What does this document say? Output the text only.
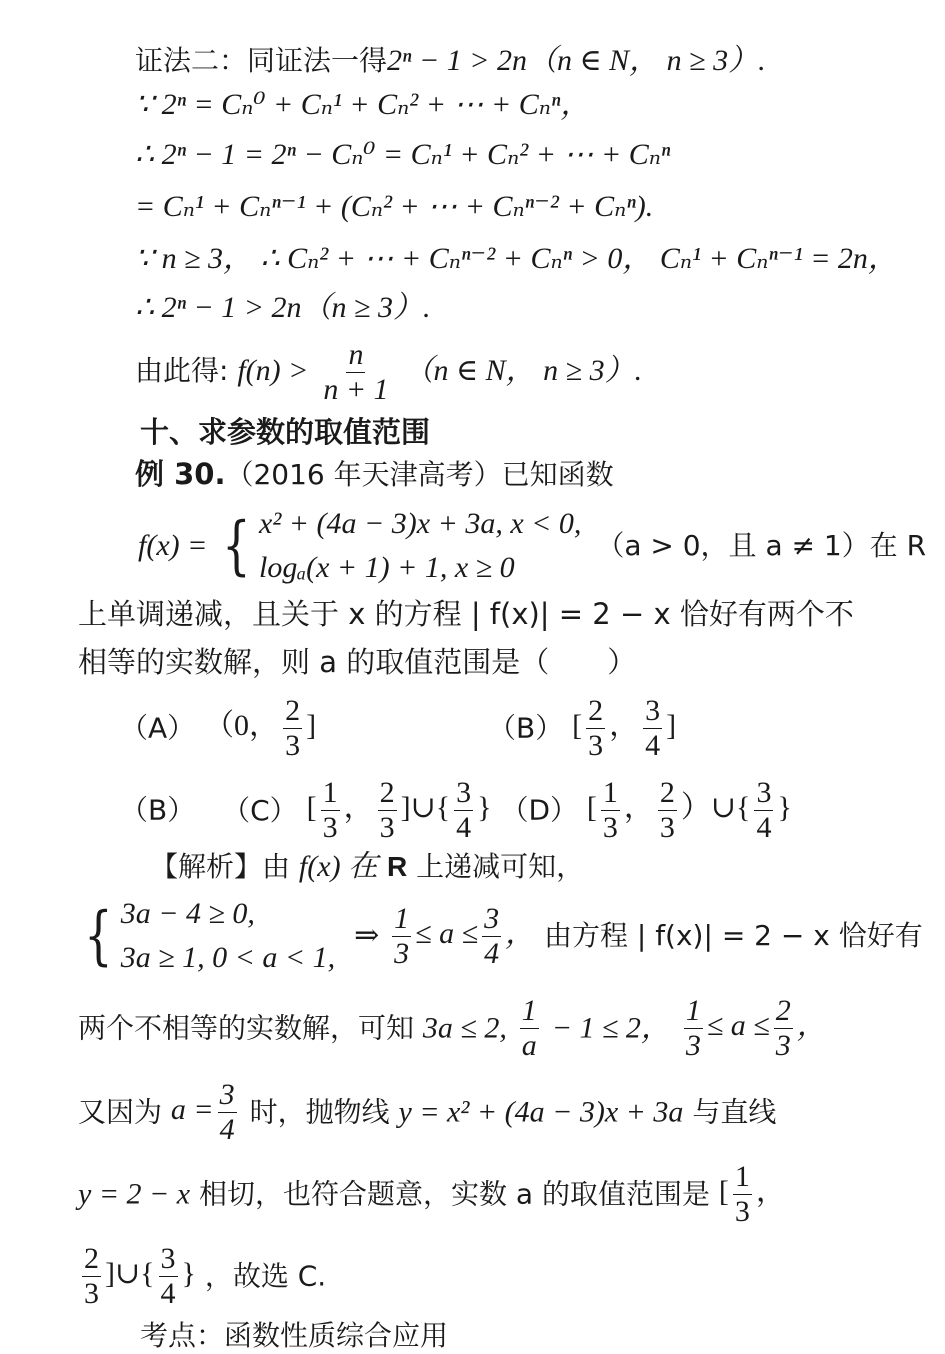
证法二：同证法一得2ⁿ − 1 > 2n（n ∈ N， n ≥ 3）.
∵ 2ⁿ = Cₙ⁰ + Cₙ¹ + Cₙ² + ⋯ + Cₙⁿ，
∴ 2ⁿ − 1 = 2ⁿ − Cₙ⁰ = Cₙ¹ + Cₙ² + ⋯ + Cₙⁿ
= Cₙ¹ + Cₙⁿ⁻¹ + (Cₙ² + ⋯ + Cₙⁿ⁻² + Cₙⁿ).
∵ n ≥ 3， ∴ Cₙ² + ⋯ + Cₙⁿ⁻² + Cₙⁿ > 0， Cₙ¹ + Cₙⁿ⁻¹ = 2n，
∴ 2ⁿ − 1 > 2n（n ≥ 3）.
由此得: $f(n) > \frac{n}{n + 1} (n$ ∈ N， n ≥ 3）.
十、求参数的取值范围
例 30.（2016 年天津高考）已知函数
f(x) = { x² + (4a − 3)x + 3a, x < 0,
logₐ(x + 1) + 1, x ≥ 0
（a > 0，且 a ≠ 1）在 R
上单调递减，且关于 x 的方程 | f(x)| = 2 − x 恰好有两个不
相等的实数解，则 a 的取值范围是（　　）
（A） （0， $\frac{2}{3}$ ]	（B） [ $\frac{2}{3}$ ， $\frac{3}{4}$ ]
（B） （C） [ $\frac{1}{3}$ ， $\frac{2}{3}$ ]∪{ $\frac{3}{4}$ } （D） [ $\frac{1}{3}$ ， $\frac{2}{3}$ ）∪{ $\frac{3}{4}$ }
【解析】由 f(x) 在 R 上递减可知，
{ 3a − 4 ≥ 0,
3a ≥ 1, 0 < a < 1,
⇒ $\frac{1}{3} \le a \le \frac{3}{4}$ ， 由方程 | f(x)| = 2 − x 恰好有
两个不相等的实数解，可知 3a ≤ 2, $\frac{1}{a} - 1 \le 2$， $\frac{1}{3} \le a \le \frac{2}{3}$ ，
又因为 $a = \frac{3}{4}$ 时，抛物线 y = x² + (4a − 3)x + 3a 与直线
y = 2 − x 相切，也符合题意，实数 a 的取值范围是 [ $\frac{1}{3}$ ，
$\frac{2}{3}$ ]∪{ $\frac{3}{4}$ } ，故选 C.
考点：函数性质综合应用
